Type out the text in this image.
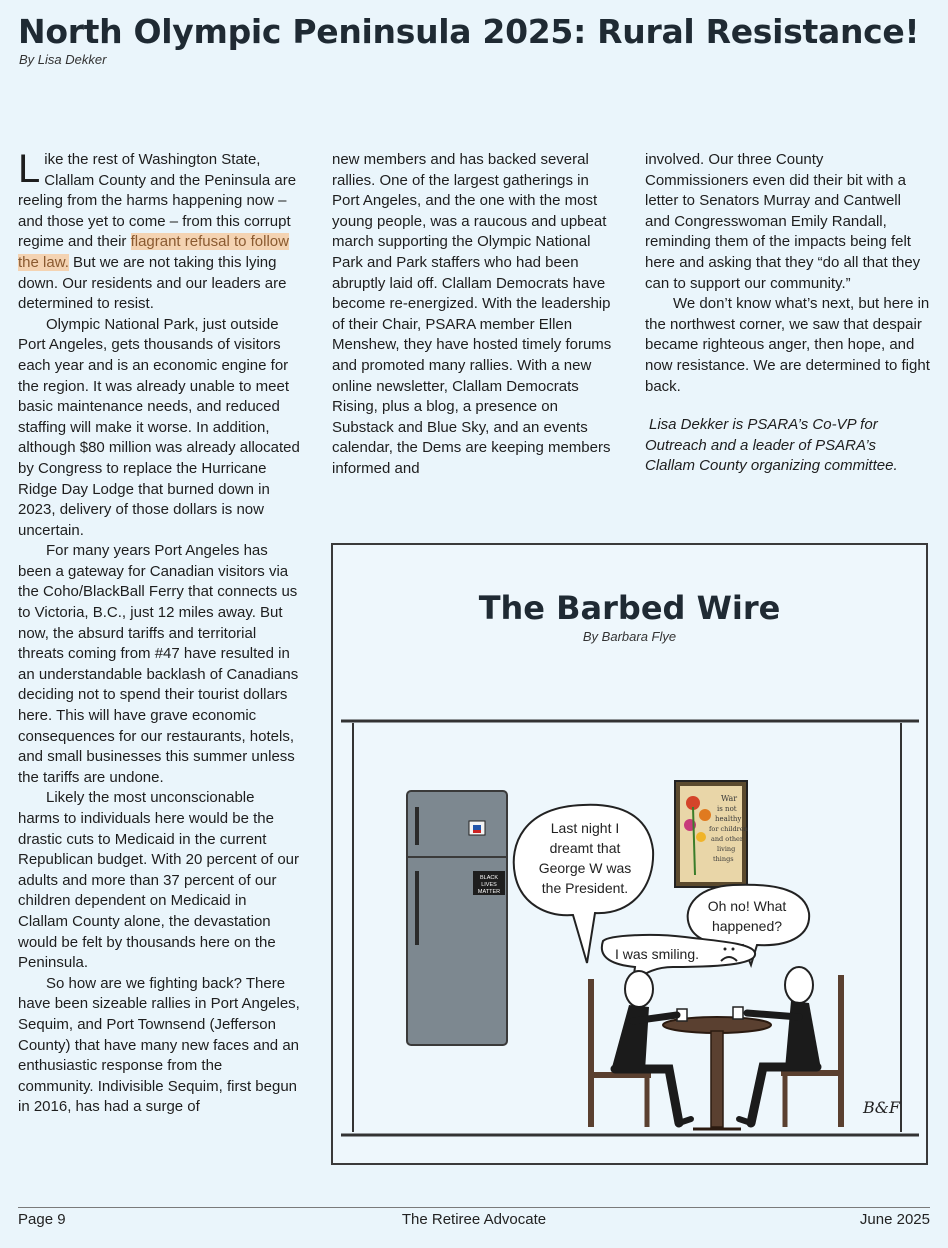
North Olympic Peninsula 2025: Rural Resistance!
By Lisa Dekker

Like the rest of Washington State, Clallam County and the Peninsula are reeling from the harms happening now – and those yet to come – from this corrupt regime and their flagrant refusal to follow the law. But we are not taking this lying down. Our residents and our leaders are determined to resist.

Olympic National Park, just outside Port Angeles, gets thousands of visitors each year and is an economic engine for the region. It was already unable to meet basic maintenance needs, and reduced staffing will make it worse. In addition, although $80 million was already allocated by Congress to replace the Hurricane Ridge Day Lodge that burned down in 2023, delivery of those dollars is now uncertain.

For many years Port Angeles has been a gateway for Canadian visitors via the Coho/BlackBall Ferry that connects us to Victoria, B.C., just 12 miles away. But now, the absurd tariffs and territorial threats coming from #47 have resulted in an understandable backlash of Canadians deciding not to spend their tourist dollars here. This will have grave economic consequences for our restaurants, hotels, and small businesses this summer unless the tariffs are undone.

Likely the most unconscionable harms to individuals here would be the drastic cuts to Medicaid in the current Republican budget. With 20 percent of our adults and more than 37 percent of our children dependent on Medicaid in Clallam County alone, the devastation would be felt by thousands here on the Peninsula.

So how are we fighting back? There have been sizeable rallies in Port Angeles, Sequim, and Port Townsend (Jefferson County) that have many new faces and an enthusiastic response from the community. Indivisible Sequim, first begun in 2016, has had a surge of

new members and has backed several rallies. One of the largest gatherings in Port Angeles, and the one with the most young people, was a raucous and upbeat march supporting the Olympic National Park and Park staffers who had been abruptly laid off. Clallam Democrats have become re-energized. With the leadership of their Chair, PSARA member Ellen Menshew, they have hosted timely forums and promoted many rallies. With a new online newsletter, Clallam Democrats Rising, plus a blog, a presence on Substack and Blue Sky, and an events calendar, the Dems are keeping members informed and

involved. Our three County Commissioners even did their bit with a letter to Senators Murray and Cantwell and Congresswoman Emily Randall, reminding them of the impacts being felt here and asking that they “do all that they can to support our community.”

We don’t know what’s next, but here in the northwest corner, we saw that despair became righteous anger, then hope, and now resistance. We are determined to fight back.

Lisa Dekker is PSARA’s Co-VP for Outreach and a leader of PSARA’s Clallam County organizing committee.

The Barbed Wire
By Barbara Flye
BLACK
LIVES
MATTER
War
is not
healthy
for children
and other
living
things
Last night I
dreamt that
George W was
the President.
Oh no! What
happened?
I was smiling.
B&F
Page 9	The Retiree Advocate	June 2025
